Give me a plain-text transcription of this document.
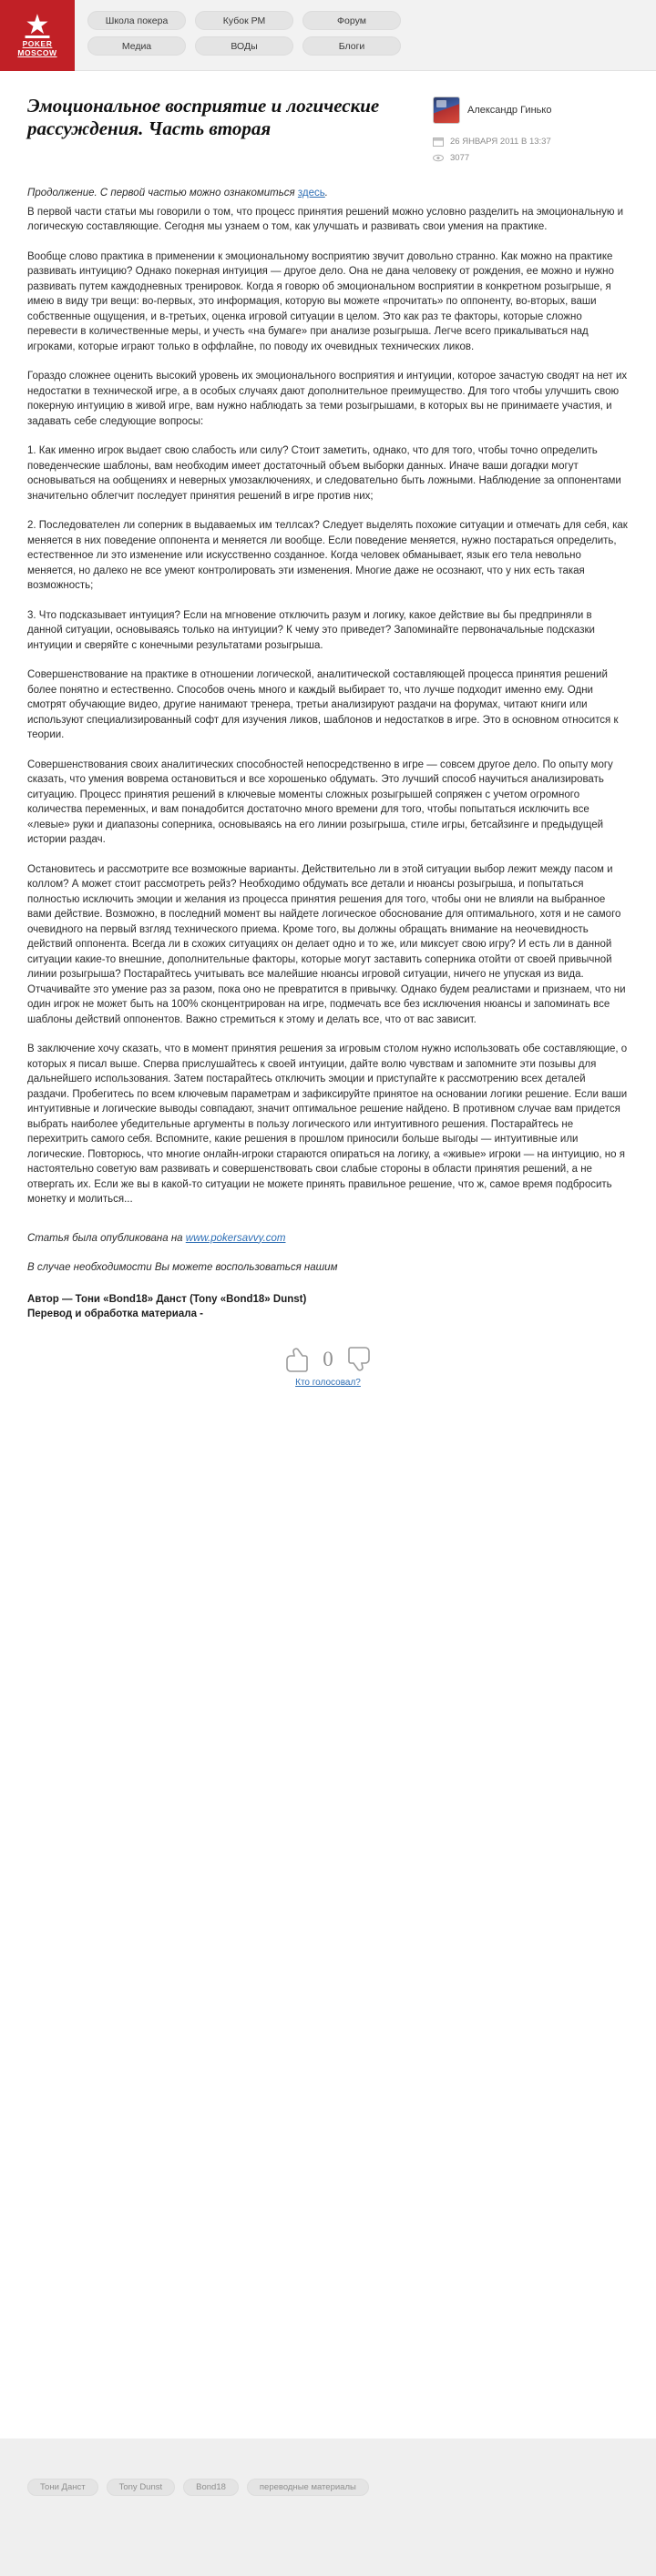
★
POKER
MOSCOW
Школа покера	Кубок РМ	Форум
Медиа	ВОДы	Блоги
Эмоциональное восприятие и логические рассуждения. Часть вторая
Александр Гинько
26 ЯНВАРЯ 2011 В 13:37
3077

Продолжение. С первой частью можно ознакомиться здесь.

В первой части статьи мы говорили о том, что процесс принятия решений можно условно разделить на эмоциональную и логическую составляющие. Сегодня мы узнаем о том, как улучшать и развивать свои умения на практике.

Вообще слово практика в применении к эмоциональному восприятию звучит довольно странно. Как можно на практике развивать интуицию? Однако покерная интуиция — другое дело. Она не дана человеку от рождения, ее можно и нужно развивать путем каждодневных тренировок. Когда я говорю об эмоциональном восприятии в конкретном розыгрыше, я имею в виду три вещи: во-первых, это информация, которую вы можете «прочитать» по оппоненту, во-вторых, ваши собственные ощущения, и в-третьих, оценка игровой ситуации в целом. Это как раз те факторы, которые сложно перевести в количественные меры, и учесть «на бумаге» при анализе розыгрыша. Легче всего прикалываться над игроками, которые играют только в оффлайне, по поводу их очевидных технических ликов.

Гораздо сложнее оценить высокий уровень их эмоционального восприятия и интуиции, которое зачастую сводят на нет их недостатки в технической игре, а в особых случаях дают дополнительное преимущество. Для того чтобы улучшить свою покерную интуицию в живой игре, вам нужно наблюдать за теми розыгрышами, в которых вы не принимаете участия, и задавать себе следующие вопросы:

1. Как именно игрок выдает свою слабость или силу? Стоит заметить, однако, что для того, чтобы точно определить поведенческие шаблоны, вам необходим имеет достаточный объем выборки данных. Иначе ваши догадки могут основываться на ообщениях и неверных умозаключениях, и следовательно быть ложными. Наблюдение за оппонентами значительно облегчит последует принятия решений в игре против них;

2. Последователен ли соперник в выдаваемых им теллсах? Следует выделять похожие ситуации и отмечать для себя, как меняется в них поведение оппонента и меняется ли вообще. Если поведение меняется, нужно постараться определить, естественное ли это изменение или искусственно созданное. Когда человек обманывает, язык его тела невольно меняется, но далеко не все умеют контролировать эти изменения. Многие даже не осознают, что у них есть такая возможность;

3. Что подсказывает интуиция? Если на мгновение отключить разум и логику, какое действие вы бы предприняли в данной ситуации, основываясь только на интуиции? К чему это приведет? Запоминайте первоначальные подсказки интуиции и сверяйте с конечными результатами розыгрыша.

Совершенствование на практике в отношении логической, аналитической составляющей процесса принятия решений более понятно и естественно. Способов очень много и каждый выбирает то, что лучше подходит именно ему. Одни смотрят обучающие видео, другие нанимают тренера, третьи анализируют раздачи на форумах, читают книги или используют специализированный софт для изучения ликов, шаблонов и недостатков в игре. Это в основном относится к теории.

Совершенствования своих аналитических способностей непосредственно в игре — совсем другое дело. По опыту могу сказать, что умения воврема остановиться и все хорошенько обдумать. Это лучший способ научиться анализировать ситуацию. Процесс принятия решений в ключевые моменты сложных розыгрышей сопряжен с учетом огромного количества переменных, и вам понадобится достаточно много времени для того, чтобы попытаться исключить все «левые» руки и диапазоны соперника, основываясь на его линии розыгрыша, стиле игры, бетсайзинге и предыдущей истории раздач.

Остановитесь и рассмотрите все возможные варианты. Действительно ли в этой ситуации выбор лежит между пасом и коллом? А может стоит рассмотреть рейз? Необходимо обдумать все детали и нюансы розыгрыша, и попытаться полностью исключить эмоции и желания из процесса принятия решения для того, чтобы они не влияли на выбранное вами действие. Возможно, в последний момент вы найдете логическое обоснование для оптимального, хотя и не самого очевидного на первый взгляд технического приема. Кроме того, вы должны обращать внимание на неочевидность действий оппонента. Всегда ли в схожих ситуациях он делает одно и то же, или миксует свою игру? И есть ли в данной ситуации какие-то внешние, дополнительные факторы, которые могут заставить соперника отойти от своей привычной линии розыгрыша? Постарайтесь учитывать все малейшие нюансы игровой ситуации, ничего не упуская из вида. Отчачивайте это умение раз за разом, пока оно не превратится в привычку. Однако будем реалистами и признаем, что ни один игрок не может быть на 100% сконцентрирован на игре, подмечать все без исключения нюансы и запоминать все шаблоны действий оппонентов. Важно стремиться к этому и делать все, что от вас зависит.

В заключение хочу сказать, что в момент принятия решения за игровым столом нужно использовать обе составляющие, о которых я писал выше. Сперва прислушайтесь к своей интуиции, дайте волю чувствам и запомните эти позывы для дальнейшего использования. Затем постарайтесь отключить эмоции и приступайте к рассмотрению всех деталей раздачи. Пробегитесь по всем ключевым параметрам и зафиксируйте принятое на основании логики решение. Если ваши интуитивные и логические выводы совпадают, значит оптимальное решение найдено. В противном случае вам придется выбрать наиболее убедительные аргументы в пользу логического или интуитивного решения. Постарайтесь не перехитрить самого себя. Вспомните, какие решения в прошлом приносили больше выгоды — интуитивные или логические. Повторюсь, что многие онлайн-игроки стараются опираться на логику, а «живые» игроки — на интуицию, но я настоятельно советую вам развивать и совершенствовать свои слабые стороны в области принятия решений, а не отвергать их. Если же вы в какой-то ситуации не можете принять правильное решение, что ж, самое время подбросить монетку и молиться...

Статья была опубликована на www.pokersavvy.com
В случае необходимости Вы можете воспользоваться нашим
Автор — Тони «Bond18» Данст (Tony «Bond18» Dunst)
Перевод и обработка материала -
0
Кто голосовал?
Тони Данст	Tony Dunst	Bond18	переводные материалы
